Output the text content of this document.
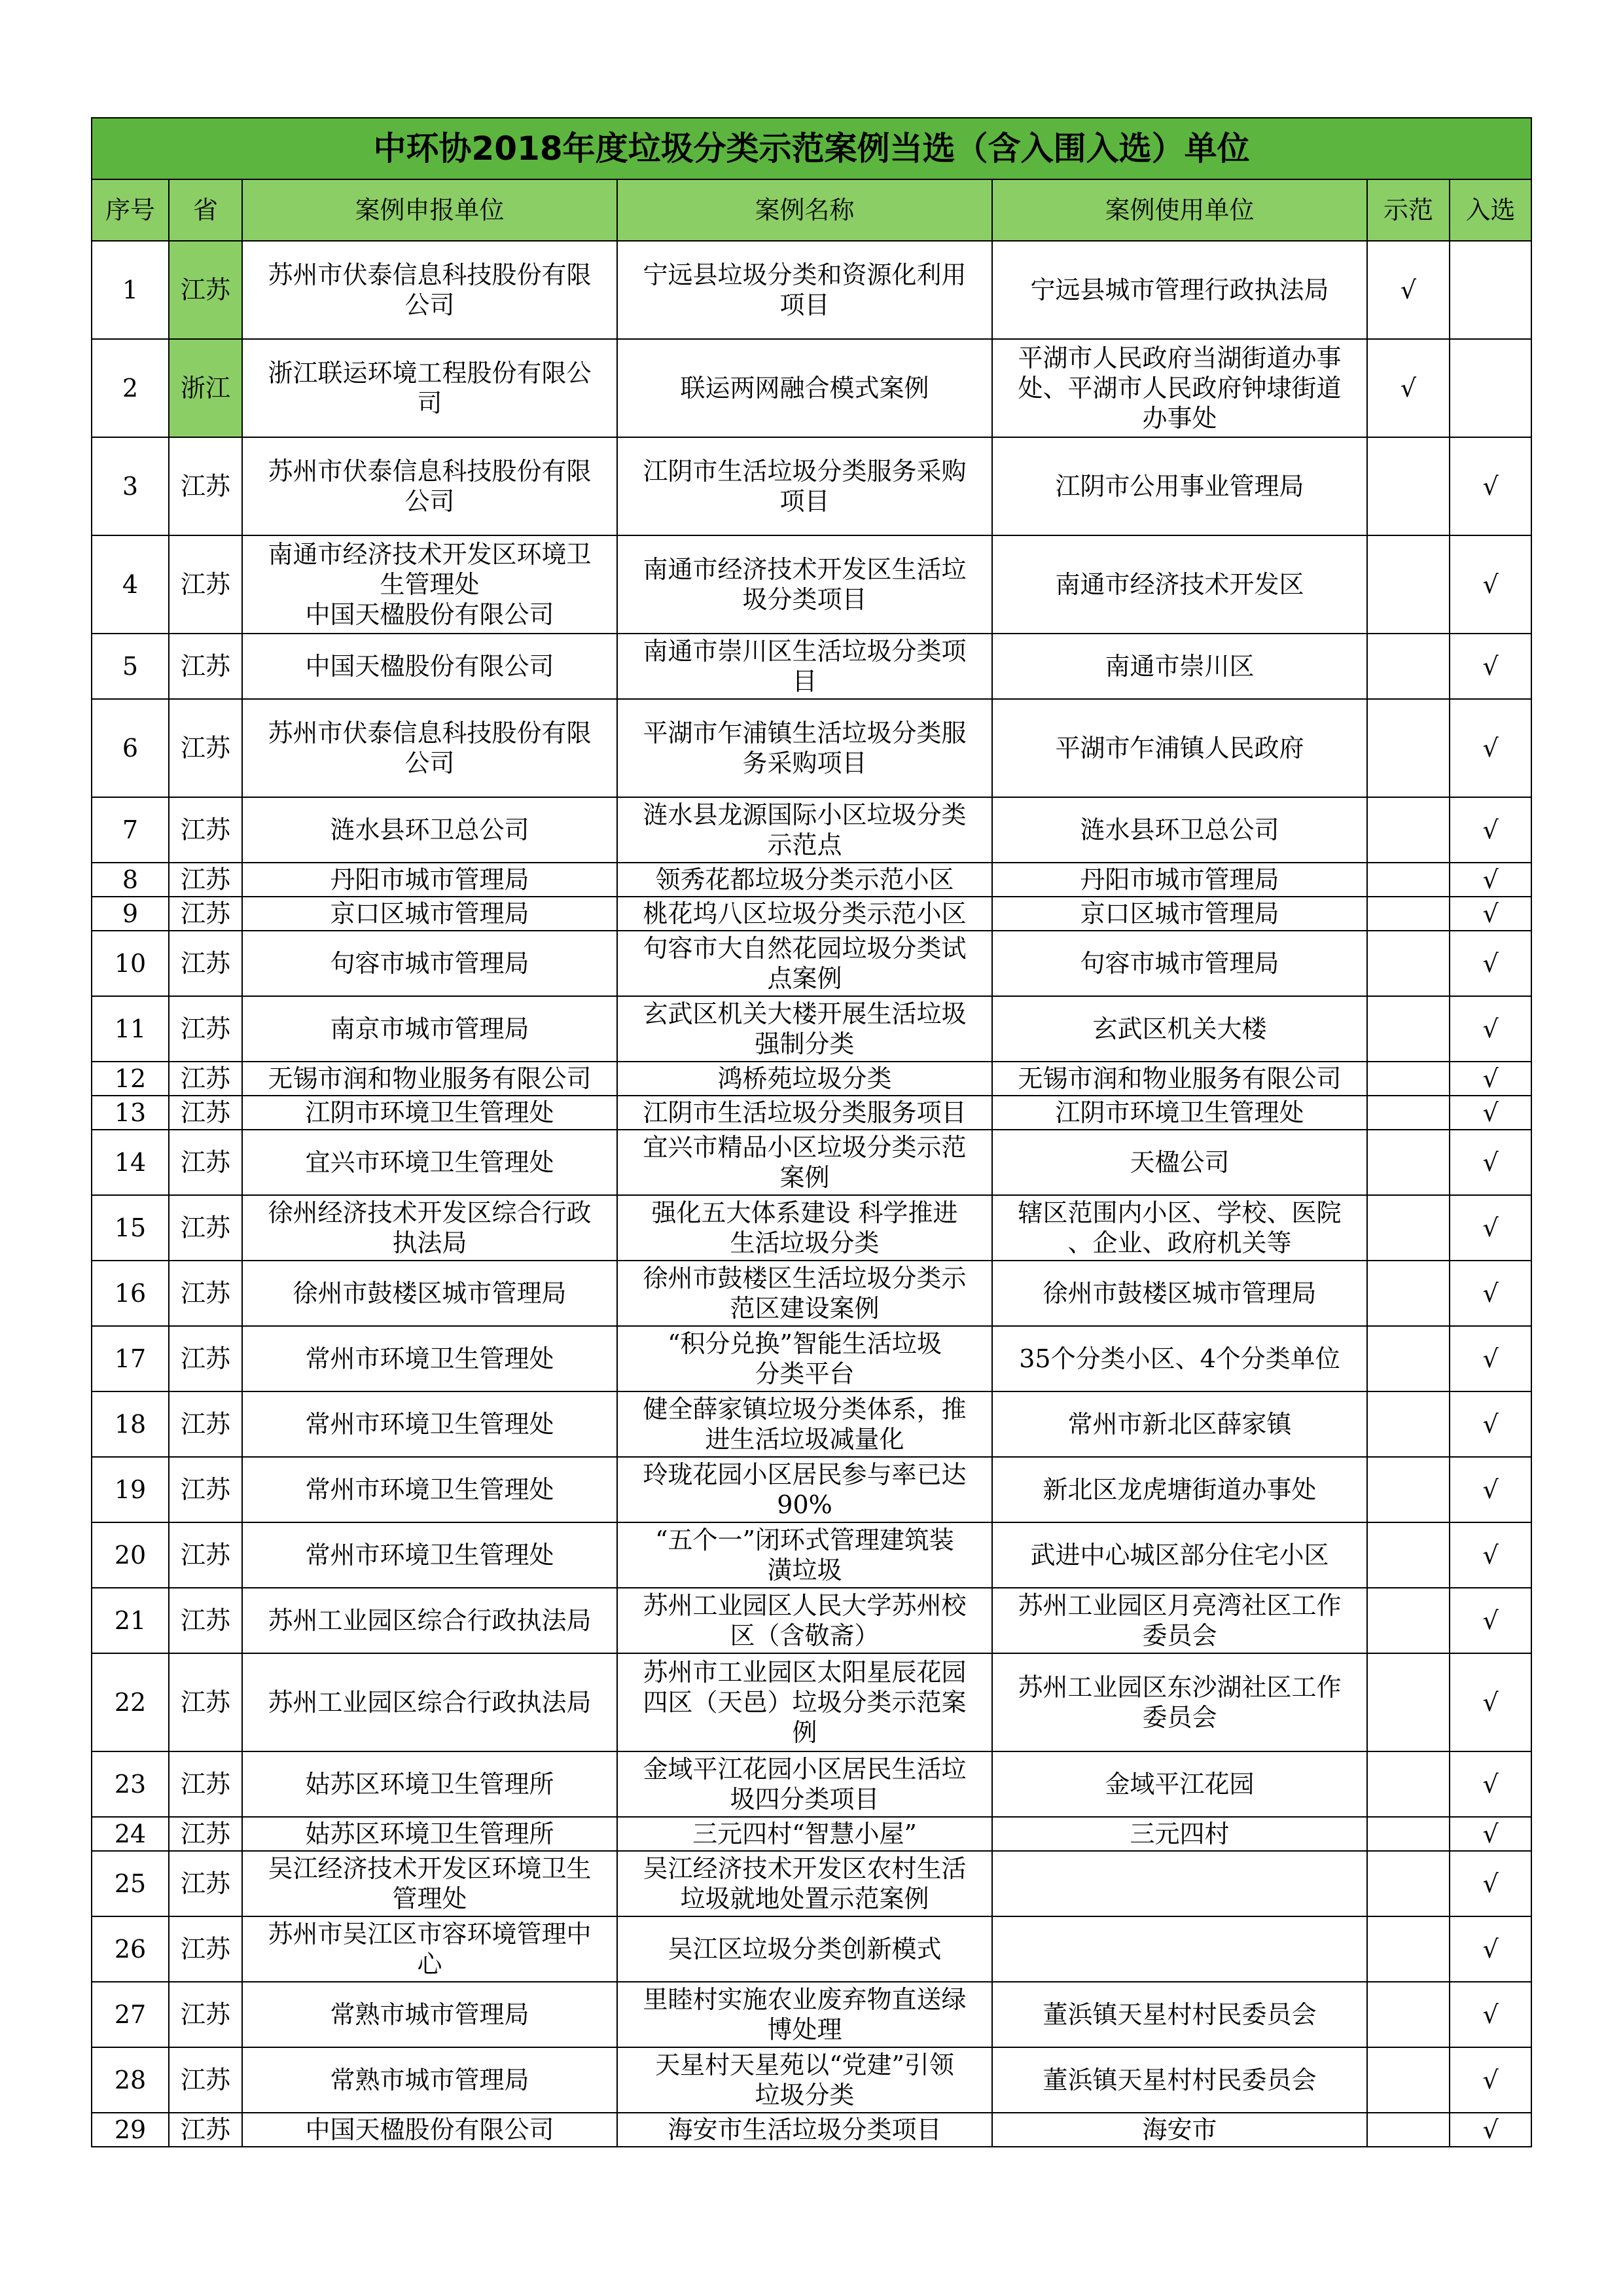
中环协2018年度垃圾分类示范案例当选（含入围入选）单位						
序号	省	案例申报单位	案例名称	案例使用单位	示范	入选
1	江苏	苏州市伏泰信息科技股份有限
公司	宁远县垃圾分类和资源化利用
项目	宁远县城市管理行政执法局	√	
2	浙江	浙江联运环境工程股份有限公
司	联运两网融合模式案例	平湖市人民政府当湖街道办事
处、平湖市人民政府钟埭街道
办事处	√	
3	江苏	苏州市伏泰信息科技股份有限
公司	江阴市生活垃圾分类服务采购
项目	江阴市公用事业管理局		√
4	江苏	南通市经济技术开发区环境卫
生管理处
中国天楹股份有限公司	南通市经济技术开发区生活垃
圾分类项目	南通市经济技术开发区		√
5	江苏	中国天楹股份有限公司	南通市崇川区生活垃圾分类项
目	南通市崇川区		√
6	江苏	苏州市伏泰信息科技股份有限
公司	平湖市乍浦镇生活垃圾分类服
务采购项目	平湖市乍浦镇人民政府		√
7	江苏	涟水县环卫总公司	涟水县龙源国际小区垃圾分类
示范点	涟水县环卫总公司		√
8	江苏	丹阳市城市管理局	领秀花都垃圾分类示范小区	丹阳市城市管理局		√
9	江苏	京口区城市管理局	桃花坞八区垃圾分类示范小区	京口区城市管理局		√
10	江苏	句容市城市管理局	句容市大自然花园垃圾分类试
点案例	句容市城市管理局		√
11	江苏	南京市城市管理局	玄武区机关大楼开展生活垃圾
强制分类	玄武区机关大楼		√
12	江苏	无锡市润和物业服务有限公司	鸿桥苑垃圾分类	无锡市润和物业服务有限公司		√
13	江苏	江阴市环境卫生管理处	江阴市生活垃圾分类服务项目	江阴市环境卫生管理处		√
14	江苏	宜兴市环境卫生管理处	宜兴市精品小区垃圾分类示范
案例	天楹公司		√
15	江苏	徐州经济技术开发区综合行政
执法局	强化五大体系建设 科学推进
生活垃圾分类	辖区范围内小区、学校、医院
、企业、政府机关等		√
16	江苏	徐州市鼓楼区城市管理局	徐州市鼓楼区生活垃圾分类示
范区建设案例	徐州市鼓楼区城市管理局		√
17	江苏	常州市环境卫生管理处	“积分兑换”智能生活垃圾
分类平台	35个分类小区、4个分类单位		√
18	江苏	常州市环境卫生管理处	健全薛家镇垃圾分类体系，推
进生活垃圾减量化	常州市新北区薛家镇		√
19	江苏	常州市环境卫生管理处	玲珑花园小区居民参与率已达
90%	新北区龙虎塘街道办事处		√
20	江苏	常州市环境卫生管理处	“五个一”闭环式管理建筑装
潢垃圾	武进中心城区部分住宅小区		√
21	江苏	苏州工业园区综合行政执法局	苏州工业园区人民大学苏州校
区（含敬斋）	苏州工业园区月亮湾社区工作
委员会		√
22	江苏	苏州工业园区综合行政执法局	苏州市工业园区太阳星辰花园
四区（天邑）垃圾分类示范案
例	苏州工业园区东沙湖社区工作
委员会		√
23	江苏	姑苏区环境卫生管理所	金域平江花园小区居民生活垃
圾四分类项目	金域平江花园		√
24	江苏	姑苏区环境卫生管理所	三元四村“智慧小屋”	三元四村		√
25	江苏	吴江经济技术开发区环境卫生
管理处	吴江经济技术开发区农村生活
垃圾就地处置示范案例			√
26	江苏	苏州市吴江区市容环境管理中
心	吴江区垃圾分类创新模式			√
27	江苏	常熟市城市管理局	里睦村实施农业废弃物直送绿
博处理	董浜镇天星村村民委员会		√
28	江苏	常熟市城市管理局	天星村天星苑以“党建”引领
垃圾分类	董浜镇天星村村民委员会		√
29	江苏	中国天楹股份有限公司	海安市生活垃圾分类项目	海安市		√
